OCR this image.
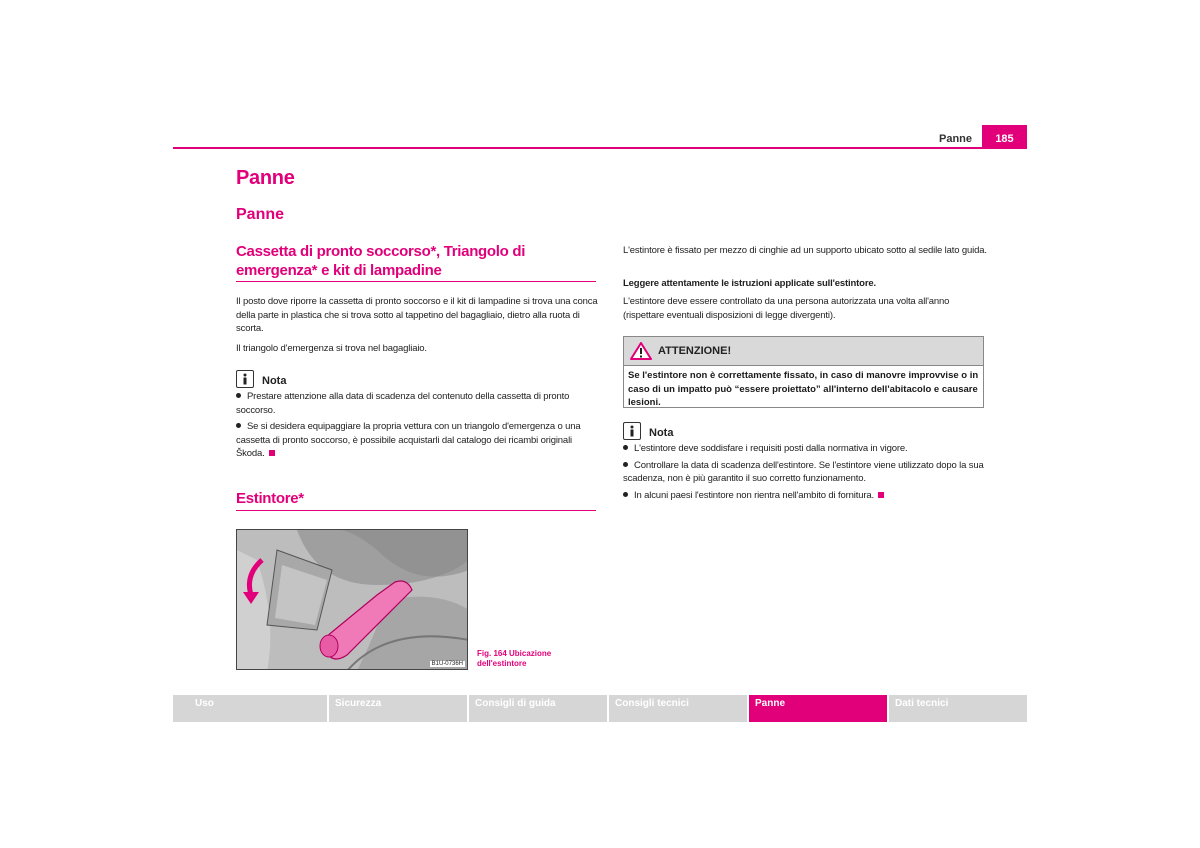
Panne	185
Panne
Panne
Cassetta di pronto soccorso*, Triangolo di emergenza* e kit di lampadine
Il posto dove riporre la cassetta di pronto soccorso e il kit di lampadine si trova una conca della parte in plastica che si trova sotto al tappetino del bagagliaio, dietro alla ruota di scorta.
Il triangolo d'emergenza si trova nel bagagliaio.
Nota
Prestare attenzione alla data di scadenza del contenuto della cassetta di pronto soccorso.
Se si desidera equipaggiare la propria vettura con un triangolo d'emergenza o una cassetta di pronto soccorso, è possibile acquistarli dal catalogo dei ricambi originali Škoda.
Estintore*
B1U-0736H
Fig. 164 Ubicazione
dell'estintore
L'estintore è fissato per mezzo di cinghie ad un supporto ubicato sotto al sedile lato guida.
Leggere attentamente le istruzioni applicate sull'estintore.
L'estintore deve essere controllato da una persona autorizzata una volta all'anno (rispettare eventuali disposizioni di legge divergenti).
ATTENZIONE!
Se l'estintore non è correttamente fissato, in caso di manovre improvvise o in caso di un impatto può “essere proiettato” all'interno dell'abitacolo e causare lesioni.
Nota
L'estintore deve soddisfare i requisiti posti dalla normativa in vigore.
Controllare la data di scadenza dell'estintore. Se l'estintore viene utilizzato dopo la sua scadenza, non è più garantito il suo corretto funzionamento.
In alcuni paesi l'estintore non rientra nell'ambito di fornitura.
Uso	Sicurezza	Consigli di guida	Consigli tecnici	Panne	Dati tecnici
